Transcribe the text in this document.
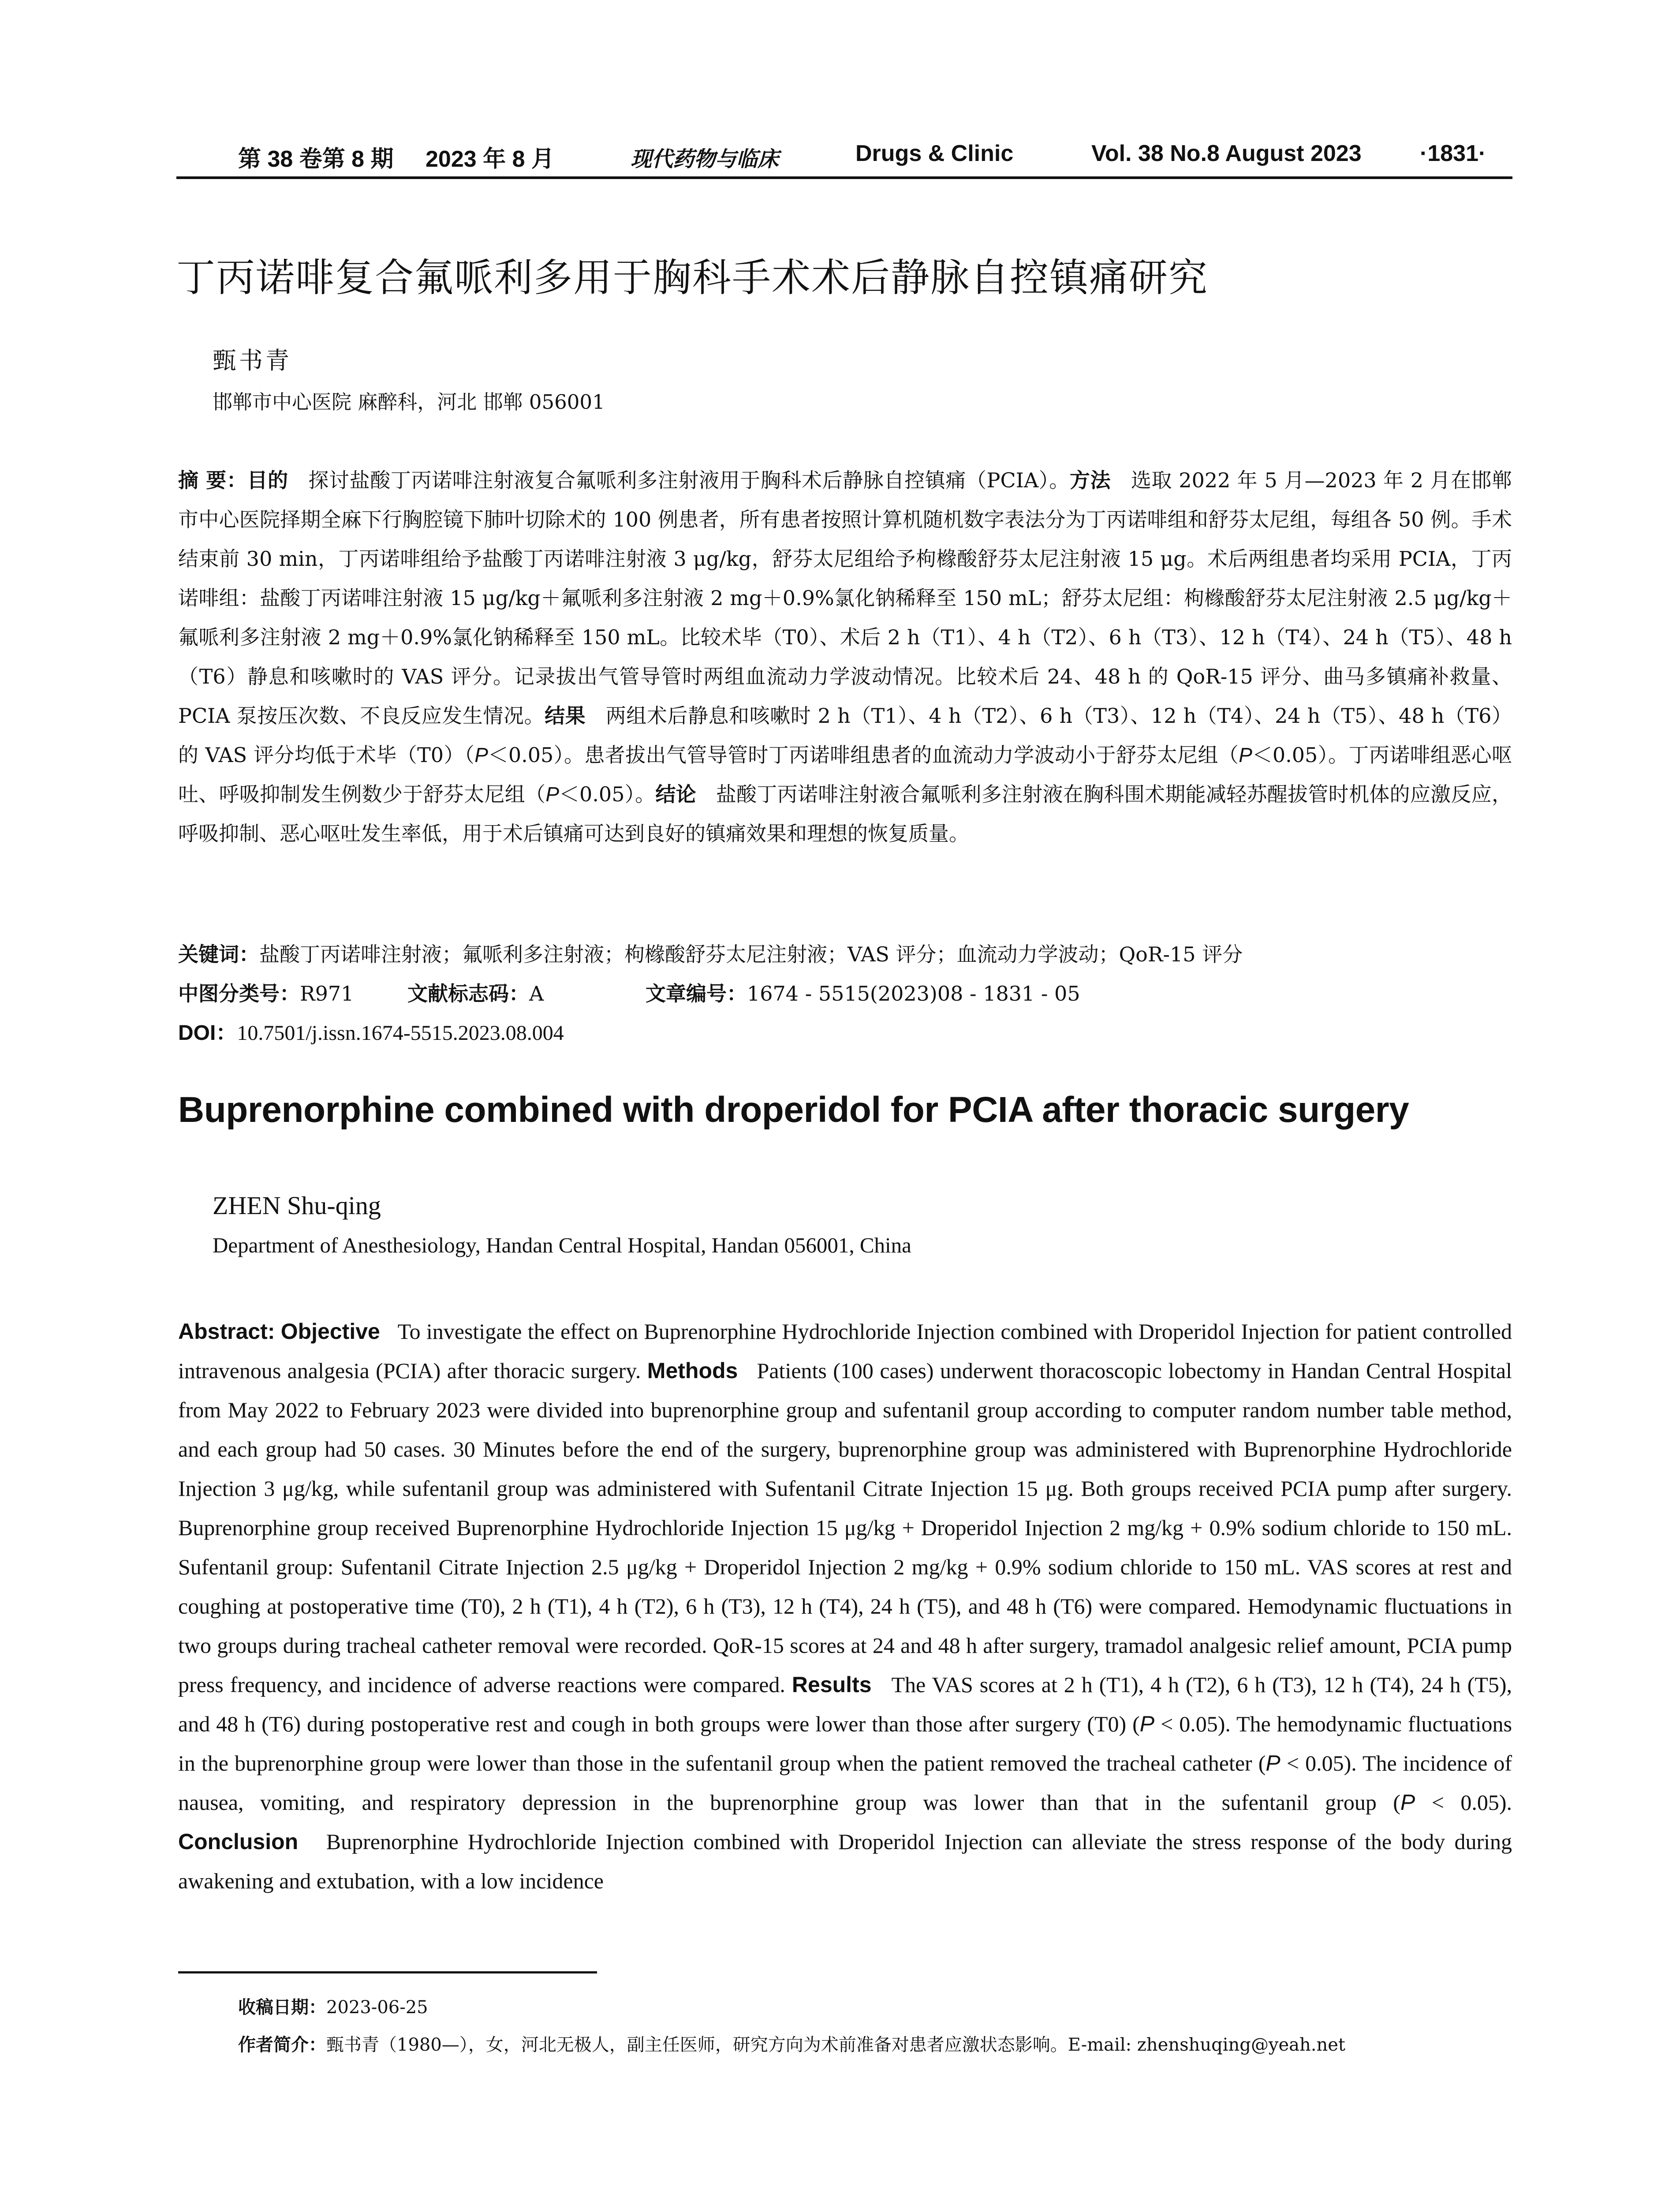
第 38 卷第 8 期 2023 年 8 月	现代药物与临床	Drugs & Clinic	Vol. 38 No.8 August 2023	·1831·
丁丙诺啡复合氟哌利多用于胸科手术术后静脉自控镇痛研究
甄书青
邯郸市中心医院 麻醉科，河北 邯郸 056001
摘 要：目的 探讨盐酸丁丙诺啡注射液复合氟哌利多注射液用于胸科术后静脉自控镇痛（PCIA）。方法 选取 2022 年 5 月—2023 年 2 月在邯郸市中心医院择期全麻下行胸腔镜下肺叶切除术的 100 例患者，所有患者按照计算机随机数字表法分为丁丙诺啡组和舒芬太尼组，每组各 50 例。手术结束前 30 min，丁丙诺啡组给予盐酸丁丙诺啡注射液 3 μg/kg，舒芬太尼组给予枸橼酸舒芬太尼注射液 15 μg。术后两组患者均采用 PCIA，丁丙诺啡组：盐酸丁丙诺啡注射液 15 μg/kg＋氟哌利多注射液 2 mg＋0.9%氯化钠稀释至 150 mL；舒芬太尼组：枸橼酸舒芬太尼注射液 2.5 μg/kg＋氟哌利多注射液 2 mg＋0.9%氯化钠稀释至 150 mL。比较术毕（T0）、术后 2 h（T1）、4 h（T2）、6 h（T3）、12 h（T4）、24 h（T5）、48 h（T6）静息和咳嗽时的 VAS 评分。记录拔出气管导管时两组血流动力学波动情况。比较术后 24、48 h 的 QoR-15 评分、曲马多镇痛补救量、PCIA 泵按压次数、不良反应发生情况。结果 两组术后静息和咳嗽时 2 h（T1）、4 h（T2）、6 h（T3）、12 h（T4）、24 h（T5）、48 h（T6）的 VAS 评分均低于术毕（T0）（P＜0.05）。患者拔出气管导管时丁丙诺啡组患者的血流动力学波动小于舒芬太尼组（P＜0.05）。丁丙诺啡组恶心呕吐、呼吸抑制发生例数少于舒芬太尼组（P＜0.05）。结论 盐酸丁丙诺啡注射液合氟哌利多注射液在胸科围术期能减轻苏醒拔管时机体的应激反应，呼吸抑制、恶心呕吐发生率低，用于术后镇痛可达到良好的镇痛效果和理想的恢复质量。
关键词：盐酸丁丙诺啡注射液；氟哌利多注射液；枸橼酸舒芬太尼注射液；VAS 评分；血流动力学波动；QoR-15 评分
中图分类号：R971	文献标志码：A	文章编号：1674 - 5515(2023)08 - 1831 - 05
DOI：10.7501/j.issn.1674-5515.2023.08.004
Buprenorphine combined with droperidol for PCIA after thoracic surgery
ZHEN Shu-qing
Department of Anesthesiology, Handan Central Hospital, Handan 056001, China
Abstract: Objective To investigate the effect on Buprenorphine Hydrochloride Injection combined with Droperidol Injection for patient controlled intravenous analgesia (PCIA) after thoracic surgery. Methods Patients (100 cases) underwent thoracoscopic lobectomy in Handan Central Hospital from May 2022 to February 2023 were divided into buprenorphine group and sufentanil group according to computer random number table method, and each group had 50 cases. 30 Minutes before the end of the surgery, buprenorphine group was administered with Buprenorphine Hydrochloride Injection 3 μg/kg, while sufentanil group was administered with Sufentanil Citrate Injection 15 μg. Both groups received PCIA pump after surgery. Buprenorphine group received Buprenorphine Hydrochloride Injection 15 μg/kg + Droperidol Injection 2 mg/kg + 0.9% sodium chloride to 150 mL. Sufentanil group: Sufentanil Citrate Injection 2.5 μg/kg + Droperidol Injection 2 mg/kg + 0.9% sodium chloride to 150 mL. VAS scores at rest and coughing at postoperative time (T0), 2 h (T1), 4 h (T2), 6 h (T3), 12 h (T4), 24 h (T5), and 48 h (T6) were compared. Hemodynamic fluctuations in two groups during tracheal catheter removal were recorded. QoR-15 scores at 24 and 48 h after surgery, tramadol analgesic relief amount, PCIA pump press frequency, and incidence of adverse reactions were compared. Results The VAS scores at 2 h (T1), 4 h (T2), 6 h (T3), 12 h (T4), 24 h (T5), and 48 h (T6) during postoperative rest and cough in both groups were lower than those after surgery (T0) (P < 0.05). The hemodynamic fluctuations in the buprenorphine group were lower than those in the sufentanil group when the patient removed the tracheal catheter (P < 0.05). The incidence of nausea, vomiting, and respiratory depression in the buprenorphine group was lower than that in the sufentanil group (P < 0.05). Conclusion Buprenorphine Hydrochloride Injection combined with Droperidol Injection can alleviate the stress response of the body during awakening and extubation, with a low incidence
收稿日期：2023-06-25
作者简介：甄书青（1980—），女，河北无极人，副主任医师，研究方向为术前准备对患者应激状态影响。E-mail: zhenshuqing@yeah.net
